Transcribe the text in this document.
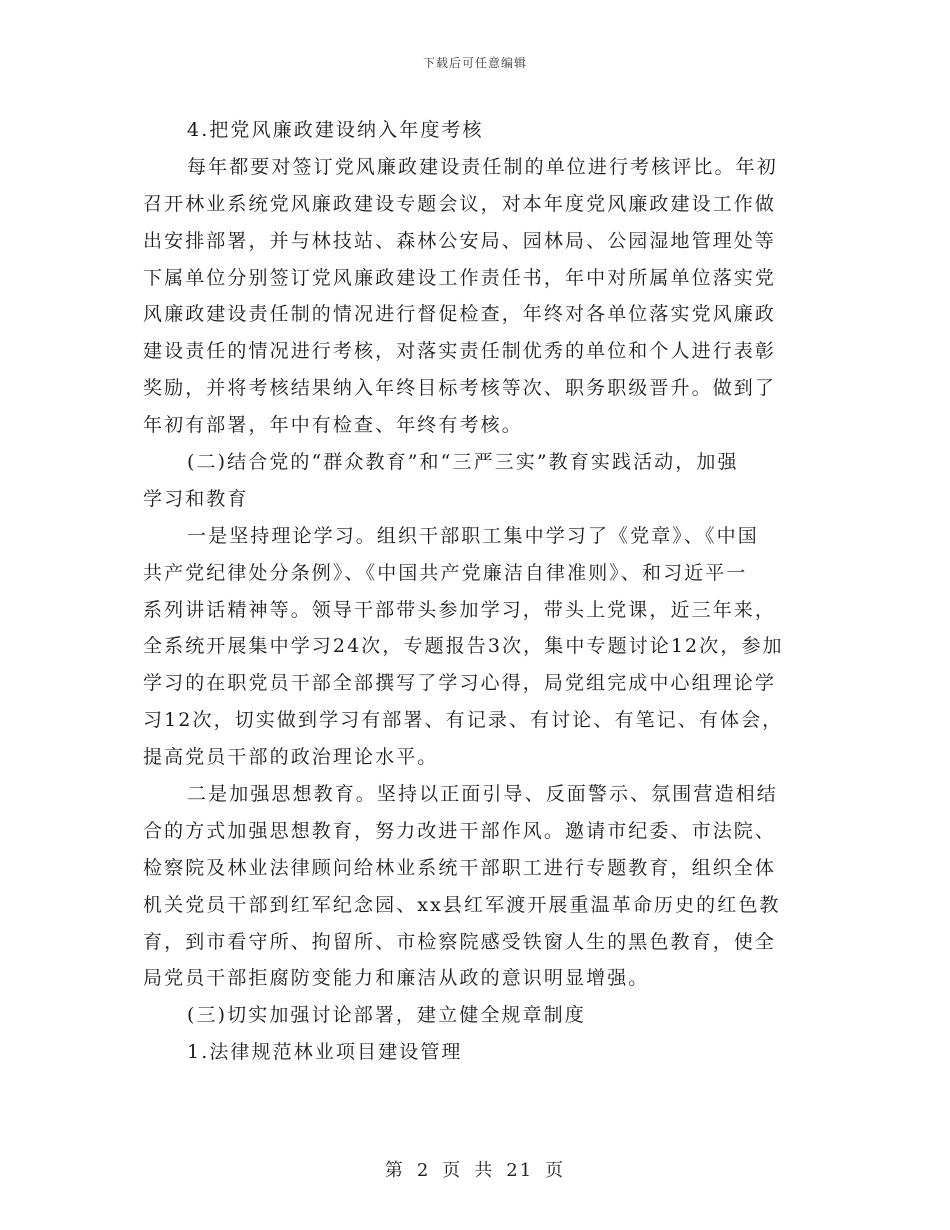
下载后可任意编辑
4.把党风廉政建设纳入年度考核
每年都要对签订党风廉政建设责任制的单位进行考核评比。年初
召开林业系统党风廉政建设专题会议，对本年度党风廉政建设工作做
出安排部署，并与林技站、森林公安局、园林局、公园湿地管理处等
下属单位分别签订党风廉政建设工作责任书，年中对所属单位落实党
风廉政建设责任制的情况进行督促检查，年终对各单位落实党风廉政
建设责任的情况进行考核，对落实责任制优秀的单位和个人进行表彰
奖励，并将考核结果纳入年终目标考核等次、职务职级晋升。做到了
年初有部署，年中有检查、年终有考核。
(二)结合党的“群众教育”和“三严三实”教育实践活动，加强
学习和教育
一是坚持理论学习。组织干部职工集中学习了《党章》、《中国
共产党纪律处分条例》、《中国共产党廉洁自律准则》、和习近平一
系列讲话精神等。领导干部带头参加学习，带头上党课，近三年来，
全系统开展集中学习24次，专题报告3次，集中专题讨论12次，参加
学习的在职党员干部全部撰写了学习心得，局党组完成中心组理论学
习12次，切实做到学习有部署、有记录、有讨论、有笔记、有体会，
提高党员干部的政治理论水平。
二是加强思想教育。坚持以正面引导、反面警示、氛围营造相结
合的方式加强思想教育，努力改进干部作风。邀请市纪委、市法院、
检察院及林业法律顾问给林业系统干部职工进行专题教育，组织全体
机关党员干部到红军纪念园、xx县红军渡开展重温革命历史的红色教
育，到市看守所、拘留所、市检察院感受铁窗人生的黑色教育，使全
局党员干部拒腐防变能力和廉洁从政的意识明显增强。
(三)切实加强讨论部署，建立健全规章制度
1.法律规范林业项目建设管理
第 2 页 共 21 页
